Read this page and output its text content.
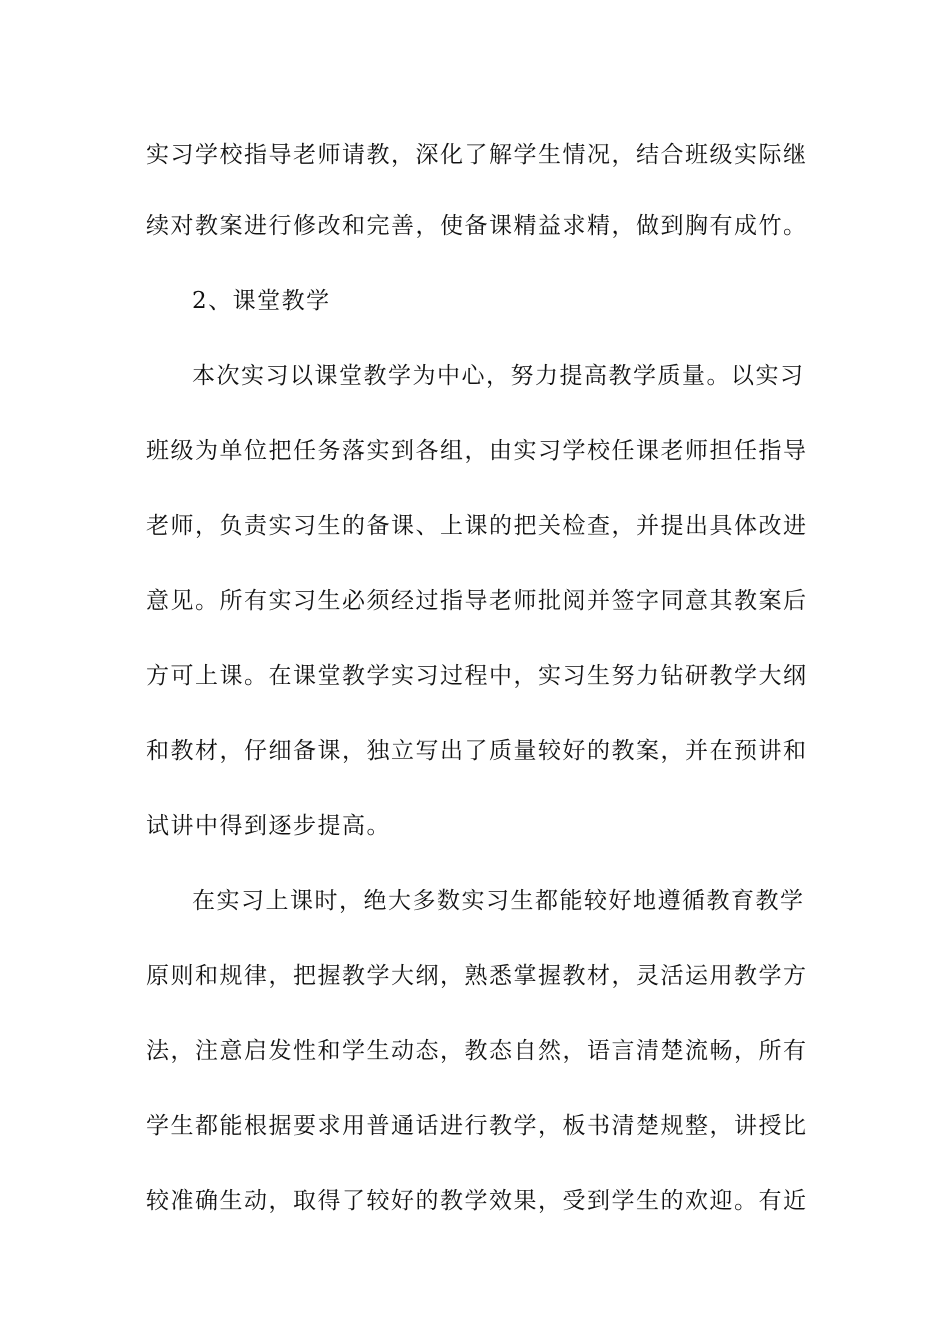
实习学校指导老师请教，深化了解学生情况，结合班级实际继
续对教案进行修改和完善，使备课精益求精，做到胸有成竹。
2、课堂教学
本次实习以课堂教学为中心，努力提高教学质量。以实习
班级为单位把任务落实到各组，由实习学校任课老师担任指导
老师，负责实习生的备课、上课的把关检查，并提出具体改进
意见。所有实习生必须经过指导老师批阅并签字同意其教案后
方可上课。在课堂教学实习过程中，实习生努力钻研教学大纲
和教材，仔细备课，独立写出了质量较好的教案，并在预讲和
试讲中得到逐步提高。
在实习上课时，绝大多数实习生都能较好地遵循教育教学
原则和规律，把握教学大纲，熟悉掌握教材，灵活运用教学方
法，注意启发性和学生动态，教态自然，语言清楚流畅，所有
学生都能根据要求用普通话进行教学，板书清楚规整，讲授比
较准确生动，取得了较好的教学效果，受到学生的欢迎。有近
